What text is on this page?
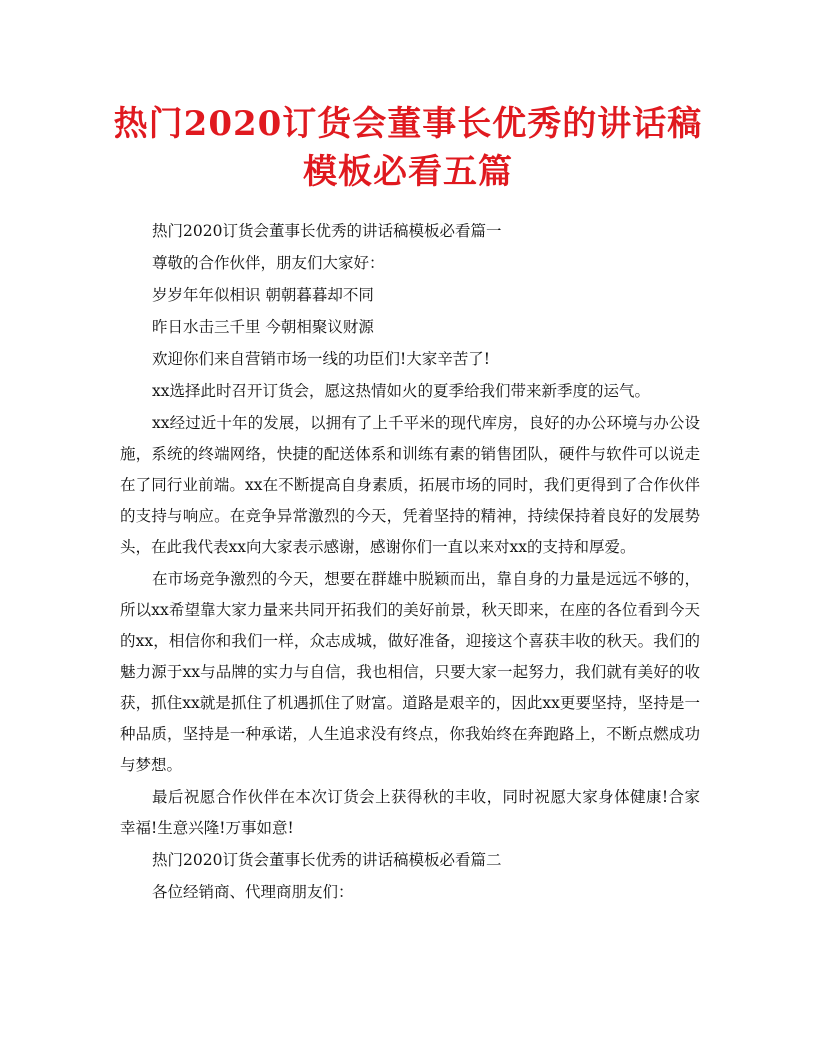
热门2020订货会董事长优秀的讲话稿模板必看五篇

热门2020订货会董事长优秀的讲话稿模板必看篇一

尊敬的合作伙伴，朋友们大家好：

岁岁年年似相识 朝朝暮暮却不同

昨日水击三千里 今朝相聚议财源

欢迎你们来自营销市场一线的功臣们!大家辛苦了!

xx选择此时召开订货会，愿这热情如火的夏季给我们带来新季度的运气。

xx经过近十年的发展，以拥有了上千平米的现代库房，良好的办公环境与办公设施，系统的终端网络，快捷的配送体系和训练有素的销售团队，硬件与软件可以说走在了同行业前端。xx在不断提高自身素质，拓展市场的同时，我们更得到了合作伙伴的支持与响应。在竞争异常激烈的今天，凭着坚持的精神，持续保持着良好的发展势头，在此我代表xx向大家表示感谢，感谢你们一直以来对xx的支持和厚爱。

在市场竞争激烈的今天，想要在群雄中脱颖而出，靠自身的力量是远远不够的，所以xx希望靠大家力量来共同开拓我们的美好前景，秋天即来，在座的各位看到今天的xx，相信你和我们一样，众志成城，做好准备，迎接这个喜获丰收的秋天。我们的魅力源于xx与品牌的实力与自信，我也相信，只要大家一起努力，我们就有美好的收获，抓住xx就是抓住了机遇抓住了财富。道路是艰辛的，因此xx更要坚持，坚持是一种品质，坚持是一种承诺，人生追求没有终点，你我始终在奔跑路上，不断点燃成功与梦想。

最后祝愿合作伙伴在本次订货会上获得秋的丰收，同时祝愿大家身体健康!合家幸福!生意兴隆!万事如意!

热门2020订货会董事长优秀的讲话稿模板必看篇二

各位经销商、代理商朋友们：
